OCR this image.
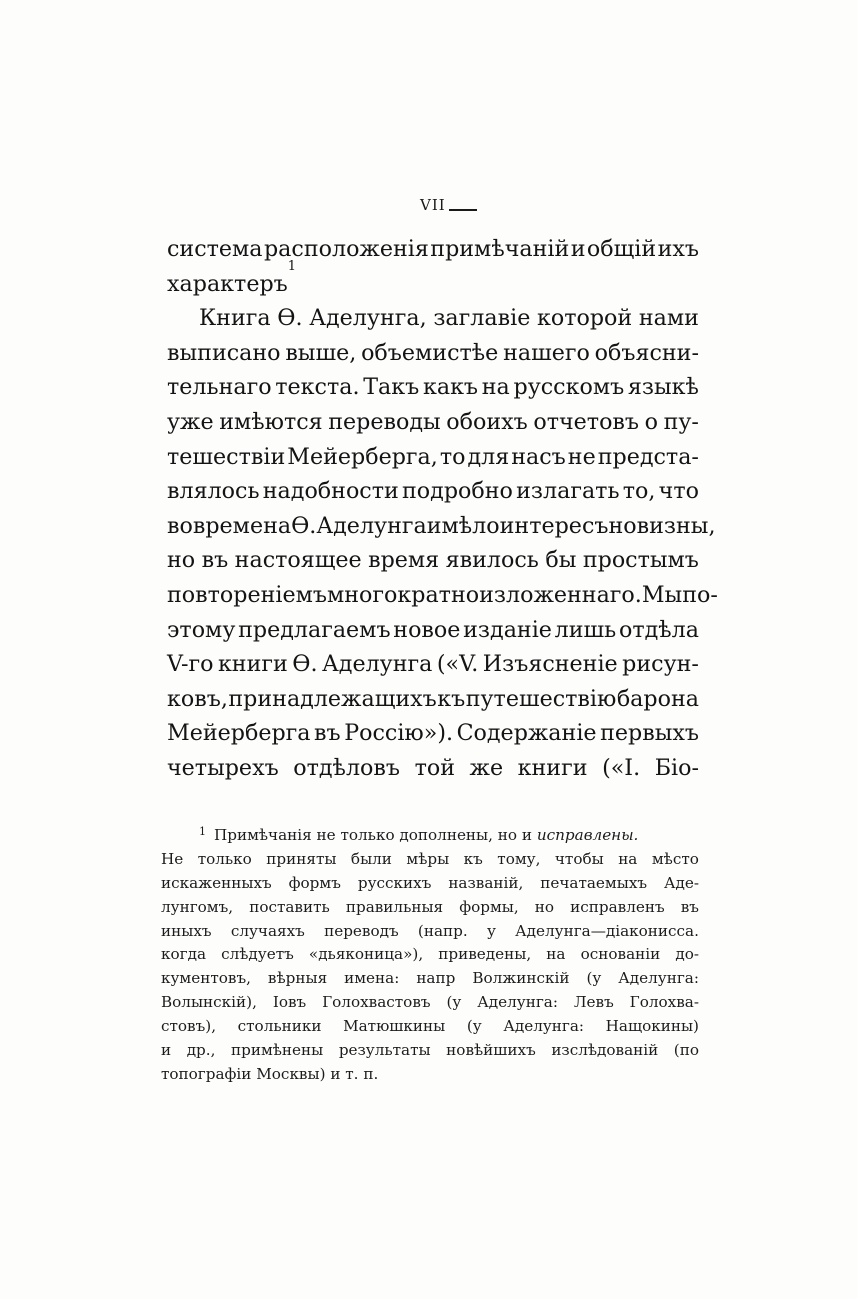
VII
система расположенія примѣчаній и общій ихъ
характеръ
1
Книга Ѳ. Аделунга, заглавіе которой нами
выписано выше, объемистѣе нашего объясни-
тельнаго текста. Такъ какъ на русскомъ языкѣ
уже имѣются переводы обоихъ отчетовъ о пу-
тешествіи Мейерберга, то для насъ не предста-
влялось надобности подробно излагать то, что
во времена Ѳ. Аделунга имѣло интересъ новизны,
но въ настоящее время явилось бы простымъ
повтореніемъ многократно изложеннаго. Мы по-
этому предлагаемъ новое изданіе лишь отдѣла
V-го книги Ѳ. Аделунга («V. Изъясненіе рисун-
ковъ, принадлежащихъ къ путешествію барона
Мейерберга въ Россію»). Содержаніе первыхъ
четырехъ отдѣловъ той же книги («I. Біо-
$^1$ Примѣчанія не только дополнены, но и исправлены.
Не только приняты были мѣры къ тому, чтобы на мѣсто
искаженныхъ формъ русскихъ названій, печатаемыхъ Аде-
лунгомъ, поставить правильныя формы, но исправленъ въ
иныхъ случаяхъ переводъ (напр. у Аделунга—діаконисса.
когда слѣдуетъ «дьяконица»), приведены, на основаніи до-
кументовъ, вѣрныя имена: напр Волжинскій (у Аделунга:
Волынскій), Іовъ Голохвастовъ (у Аделунга: Левъ Голохва-
стовъ), стольники Матюшкины (у Аделунга: Нащокины)
и др., примѣнены результаты новѣйшихъ изслѣдованій (по
топографіи Москвы) и т. п.
